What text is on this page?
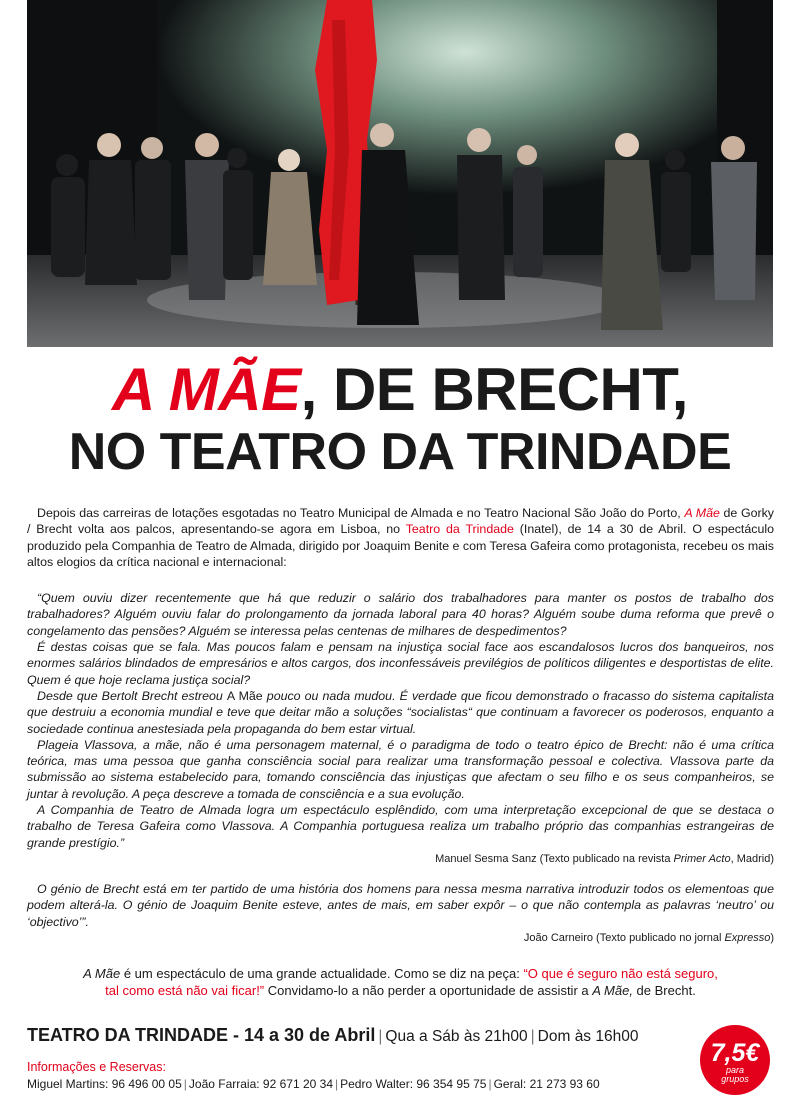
A MÃE, DE BRECHT,
NO TEATRO DA TRINDADE

Depois das carreiras de lotações esgotadas no Teatro Municipal de Almada e no Teatro Nacional São João do Porto, A Mãe de Gorky / Brecht volta aos palcos, apresentando-se agora em Lisboa, no Teatro da Trindade (Inatel), de 14 a 30 de Abril. O espectáculo produzido pela Companhia de Teatro de Almada, dirigido por Joaquim Benite e com Teresa Gafeira como protagonista, recebeu os mais altos elogios da crítica nacional e internacional:

“Quem ouviu dizer recentemente que há que reduzir o salário dos trabalhadores para manter os postos de trabalho dos trabalhadores? Alguém ouviu falar do prolongamento da jornada laboral para 40 horas? Alguém soube duma reforma que prevê o congelamento das pensões? Alguém se interessa pelas centenas de milhares de despedimentos?

É destas coisas que se fala. Mas poucos falam e pensam na injustiça social face aos escandalosos lucros dos banqueiros, nos enormes salários blindados de empresários e altos cargos, dos inconfessáveis previlégios de políticos diligentes e desportistas de elite. Quem é que hoje reclama justiça social?

Desde que Bertolt Brecht estreou A Mãe pouco ou nada mudou. É verdade que ficou demonstrado o fracasso do sistema capitalista que destruiu a economia mundial e teve que deitar mão a soluções “socialistas“ que continuam a favorecer os poderosos, enquanto a sociedade continua anestesiada pela propaganda do bem estar virtual.

Plageia Vlassova, a mãe, não é uma personagem maternal, é o paradigma de todo o teatro épico de Brecht: não é uma crítica teórica, mas uma pessoa que ganha consciência social para realizar uma transformação pessoal e colectiva. Vlassova parte da submissão ao sistema estabelecido para, tomando consciência das injustiças que afectam o seu filho e os seus companheiros, se juntar à revolução. A peça descreve a tomada de consciência e a sua evolução.

A Companhia de Teatro de Almada logra um espectáculo esplêndido, com uma interpretação excepcional de que se destaca o trabalho de Teresa Gafeira como Vlassova. A Companhia portuguesa realiza um trabalho próprio das companhias estrangeiras de grande prestígio.”

Manuel Sesma Sanz (Texto publicado na revista Primer Acto, Madrid)

O génio de Brecht está em ter partido de uma história dos homens para nessa mesma narrativa introduzir todos os elementoas que podem alterá-la. O génio de Joaquim Benite esteve, antes de mais, em saber expôr – o que não contempla as palavras ‘neutro’ ou ‘objectivo’”.

João Carneiro (Texto publicado no jornal Expresso)

A Mãe é um espectáculo de uma grande actualidade. Como se diz na peça: “O que é seguro não está seguro,
tal como está não vai ficar!” Convidamo-lo a não perder a oportunidade de assistir a A Mãe, de Brecht.
TEATRO DA TRINDADE - 14 a 30 de Abril | Qua a Sáb às 21h00 | Dom às 16h00
Informações e Reservas:
Miguel Martins: 96 496 00 05 | João Farraia: 92 671 20 34 | Pedro Walter: 96 354 95 75 | Geral: 21 273 93 60
7,5€
para
grupos
